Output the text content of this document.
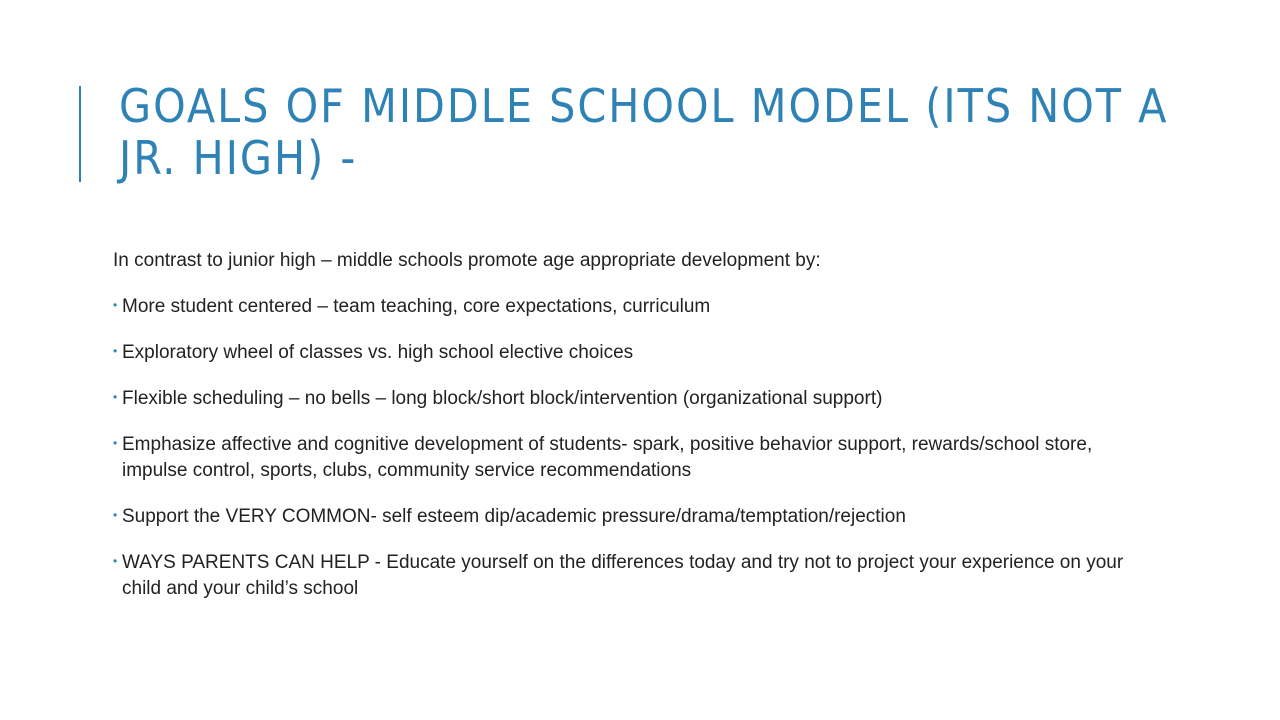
GOALS OF MIDDLE SCHOOL MODEL (ITS NOT A JR. HIGH) -

In contrast to junior high – middle schools promote age appropriate development by:

• More student centered – team teaching, core expectations, curriculum
• Exploratory wheel of classes vs. high school elective choices
• Flexible scheduling – no bells – long block/short block/intervention (organizational support)
• Emphasize affective and cognitive development of students- spark, positive behavior support, rewards/school store, impulse control, sports, clubs, community service recommendations
• Support the VERY COMMON- self esteem dip/academic pressure/drama/temptation/rejection
• WAYS PARENTS CAN HELP - Educate yourself on the differences today and try not to project your experience on your child and your child’s school
